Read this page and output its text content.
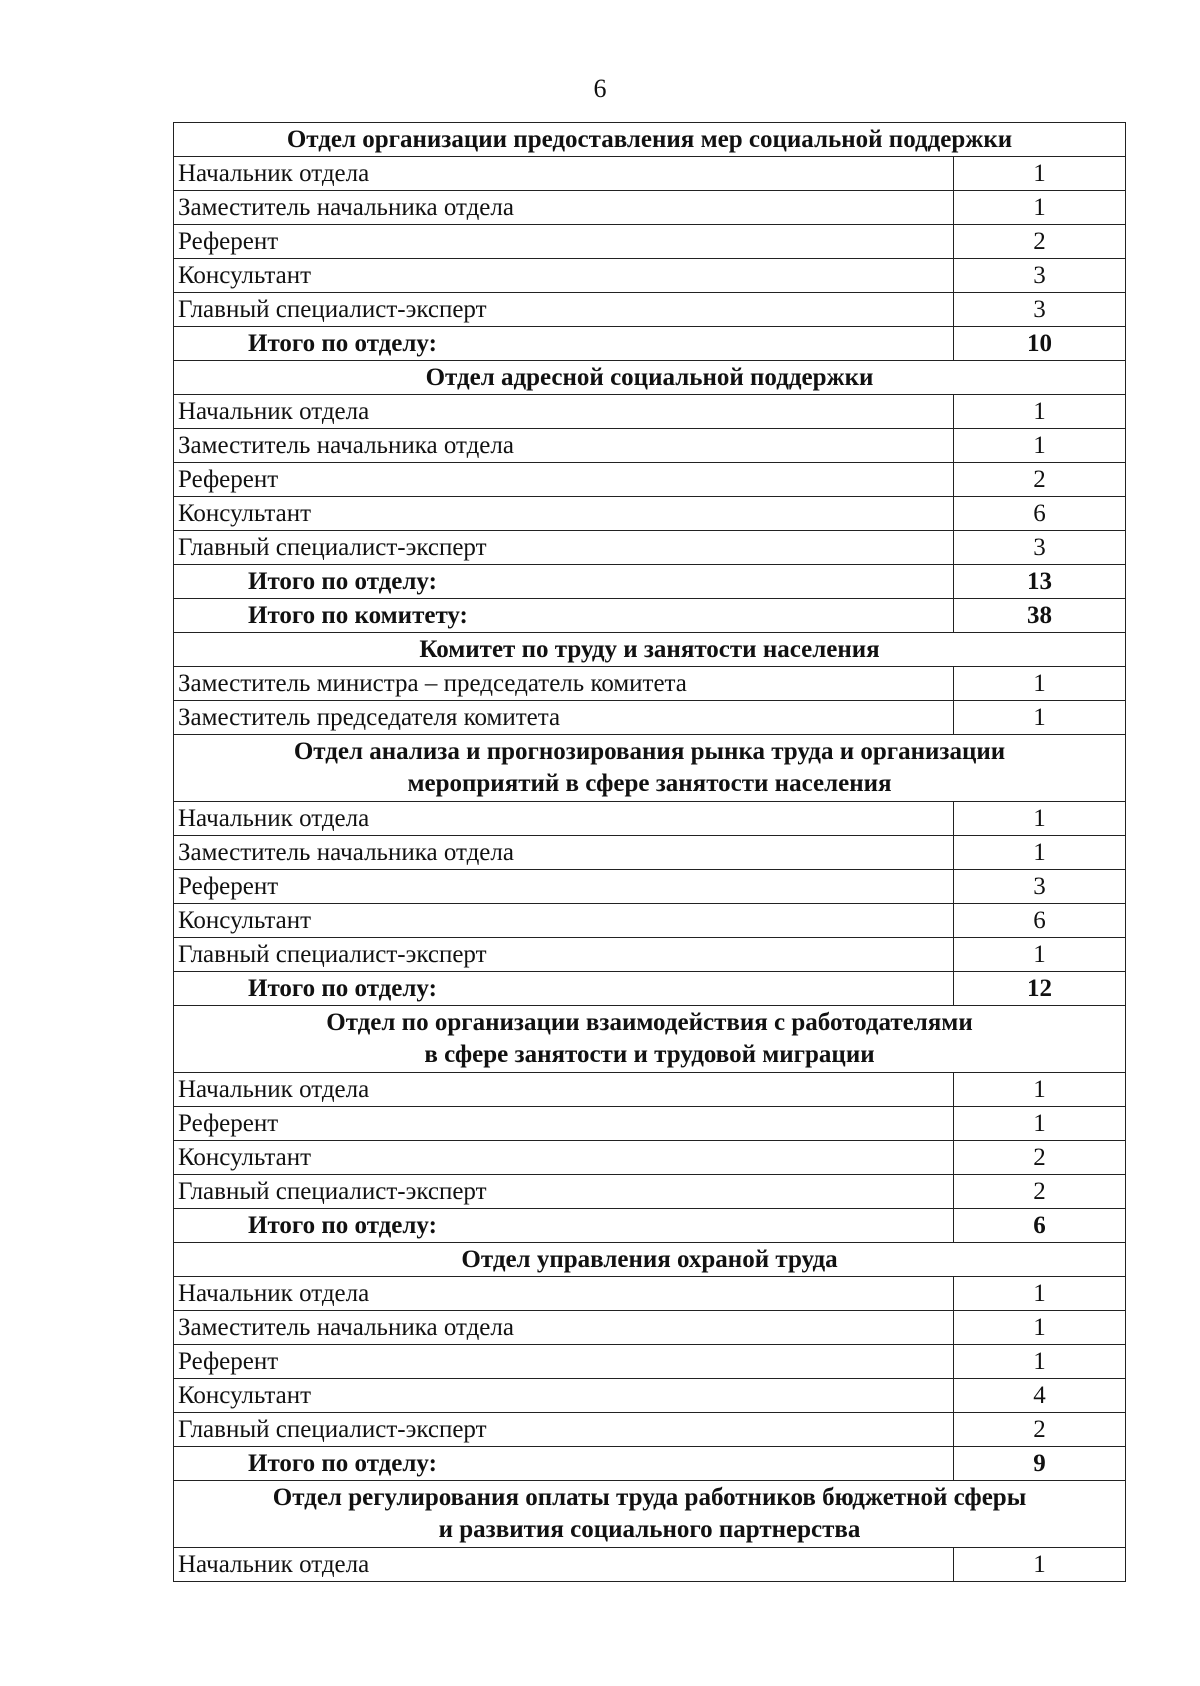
6
Отдел организации предоставления мер социальной поддержки	
Начальник отдела	1
Заместитель начальника отдела	1
Референт	2
Консультант	3
Главный специалист-эксперт	3
Итого по отделу:	10
Отдел адресной социальной поддержки	
Начальник отдела	1
Заместитель начальника отдела	1
Референт	2
Консультант	6
Главный специалист-эксперт	3
Итого по отделу:	13
Итого по комитету:	38
Комитет по труду и занятости населения	
Заместитель министра – председатель комитета	1
Заместитель председателя комитета	1

Отдел анализа и прогнозирования рынка труда и организации
мероприятий в сфере занятости населения	

Начальник отдела	1
Заместитель начальника отдела	1
Референт	3
Консультант	6
Главный специалист-эксперт	1
Итого по отделу:	12

Отдел по организации взаимодействия с работодателями
в сфере занятости и трудовой миграции	

Начальник отдела	1
Референт	1
Консультант	2
Главный специалист-эксперт	2
Итого по отделу:	6
Отдел управления охраной труда	
Начальник отдела	1
Заместитель начальника отдела	1
Референт	1
Консультант	4
Главный специалист-эксперт	2
Итого по отделу:	9

Отдел регулирования оплаты труда работников бюджетной сферы
и развития социального партнерства	

Начальник отдела	1
